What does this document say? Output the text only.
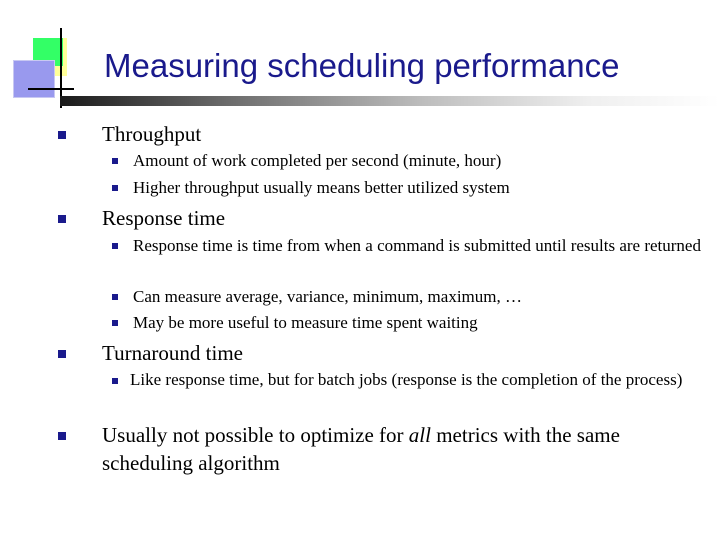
Measuring scheduling performance
Throughput
Amount of work completed per second (minute, hour)
Higher throughput usually means better utilized system
Response time
Response time is time from when a command is submitted until results are returned
Can measure average, variance, minimum, maximum, …
May be more useful to measure time spent waiting
Turnaround time
Like response time, but for batch jobs (response is the completion of the process)
Usually not possible to optimize for all metrics with the same scheduling algorithm
